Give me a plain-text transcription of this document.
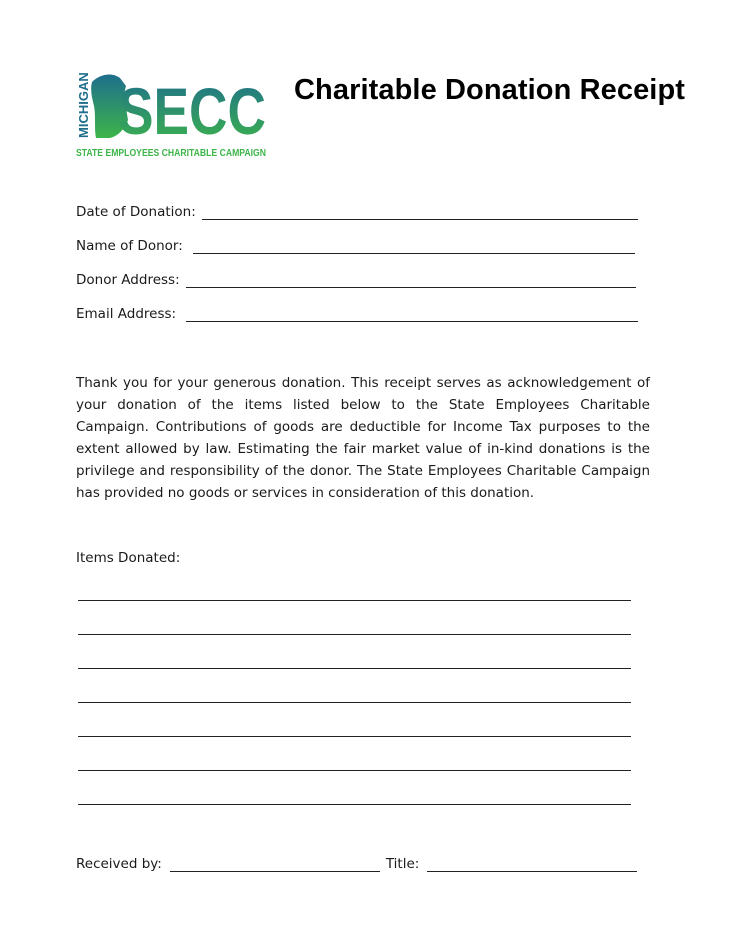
MICHIGAN SECC
STATE EMPLOYEES CHARITABLE CAMPAIGN
Charitable Donation Receipt
Date of Donation:
Name of Donor:
Donor Address:
Email Address:

Thank you for your generous donation. This receipt serves as acknowledgement of your donation of the items listed below to the State Employees Charitable Campaign. Contributions of goods are deductible for Income Tax purposes to the extent allowed by law. Estimating the fair market value of in-kind donations is the privilege and responsibility of the donor. The State Employees Charitable Campaign has provided no goods or services in consideration of this donation.

Items Donated:
Received by:	Title:
